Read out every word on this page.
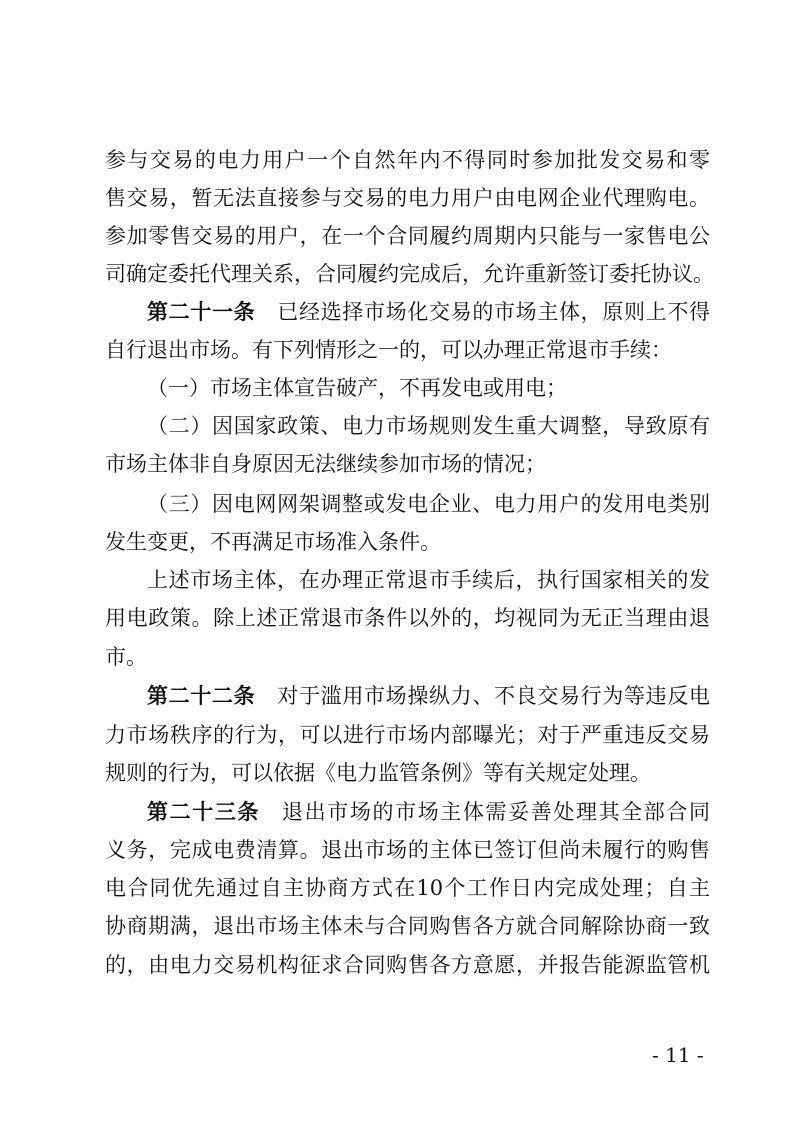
参与交易的电力用户一个自然年内不得同时参加批发交易和零
售交易，暂无法直接参与交易的电力用户由电网企业代理购电。
参加零售交易的用户，在一个合同履约周期内只能与一家售电公
司确定委托代理关系，合同履约完成后，允许重新签订委托协议。
第二十一条 已经选择市场化交易的市场主体，原则上不得
自行退出市场。有下列情形之一的，可以办理正常退市手续：
（一）市场主体宣告破产，不再发电或用电；
（二）因国家政策、电力市场规则发生重大调整，导致原有
市场主体非自身原因无法继续参加市场的情况；
（三）因电网网架调整或发电企业、电力用户的发用电类别
发生变更，不再满足市场准入条件。
上述市场主体，在办理正常退市手续后，执行国家相关的发
用电政策。除上述正常退市条件以外的，均视同为无正当理由退
市。
第二十二条 对于滥用市场操纵力、不良交易行为等违反电
力市场秩序的行为，可以进行市场内部曝光；对于严重违反交易
规则的行为，可以依据《电力监管条例》等有关规定处理。
第二十三条 退出市场的市场主体需妥善处理其全部合同
义务，完成电费清算。退出市场的主体已签订但尚未履行的购售
电合同优先通过自主协商方式在10个工作日内完成处理；自主
协商期满，退出市场主体未与合同购售各方就合同解除协商一致
的，由电力交易机构征求合同购售各方意愿，并报告能源监管机
- 11 -
